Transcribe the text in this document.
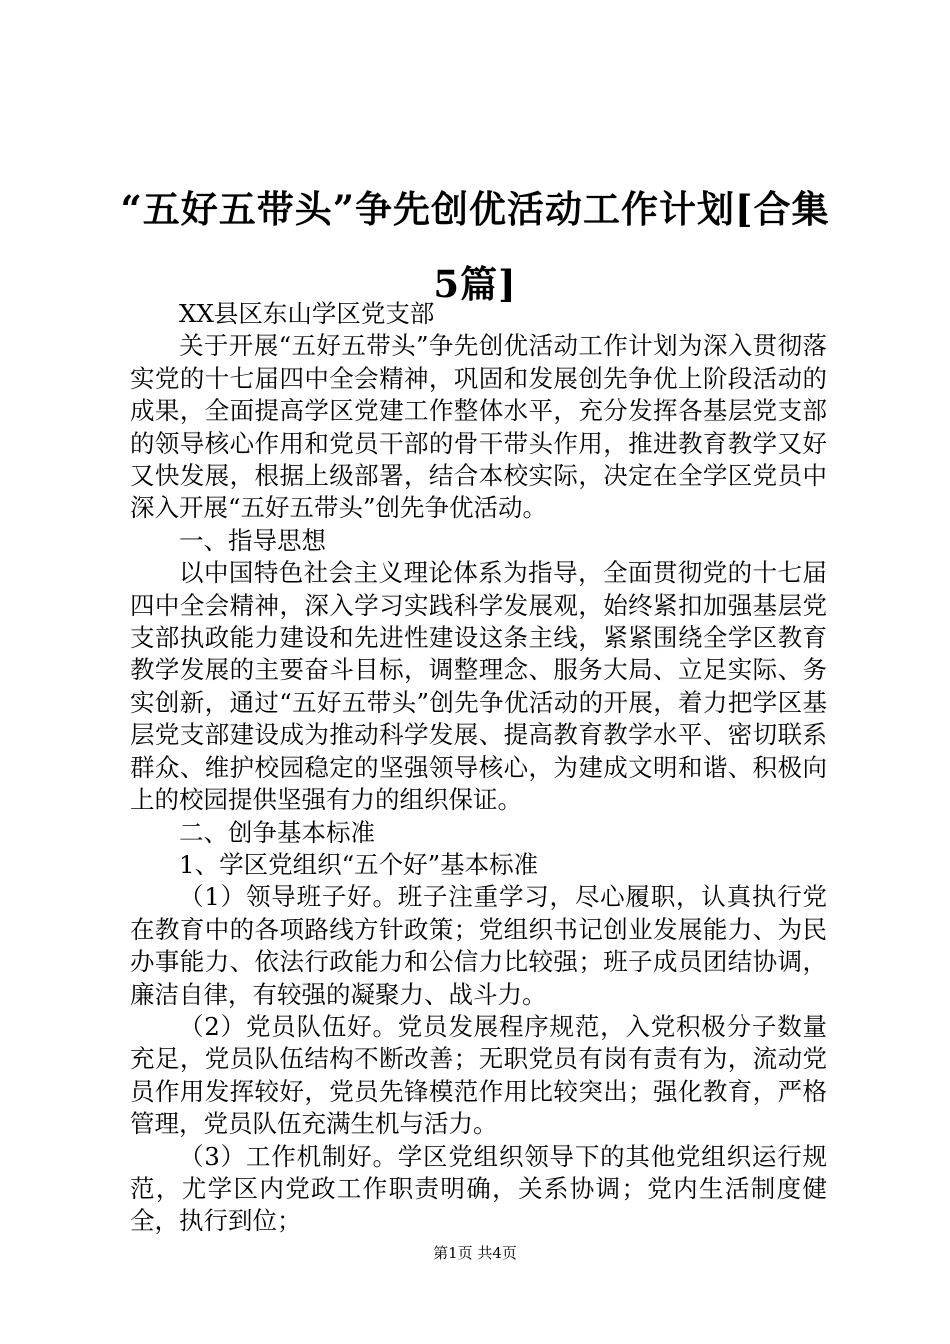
“五好五带头”争先创优活动工作计划[合集
5篇]

XX县区东山学区党支部

关于开展“五好五带头”争先创优活动工作计划为深入贯彻落实党的十七届四中全会精神，巩固和发展创先争优上阶段活动的成果，全面提高学区党建工作整体水平，充分发挥各基层党支部的领导核心作用和党员干部的骨干带头作用，推进教育教学又好又快发展，根据上级部署，结合本校实际，决定在全学区党员中深入开展“五好五带头”创先争优活动。

一、指导思想

以中国特色社会主义理论体系为指导，全面贯彻党的十七届四中全会精神，深入学习实践科学发展观，始终紧扣加强基层党支部执政能力建设和先进性建设这条主线，紧紧围绕全学区教育教学发展的主要奋斗目标，调整理念、服务大局、立足实际、务实创新，通过“五好五带头”创先争优活动的开展，着力把学区基层党支部建设成为推动科学发展、提高教育教学水平、密切联系群众、维护校园稳定的坚强领导核心，为建成文明和谐、积极向上的校园提供坚强有力的组织保证。

二、创争基本标准

1、学区党组织“五个好”基本标准

（1）领导班子好。班子注重学习，尽心履职，认真执行党在教育中的各项路线方针政策；党组织书记创业发展能力、为民办事能力、依法行政能力和公信力比较强；班子成员团结协调，廉洁自律，有较强的凝聚力、战斗力。

（2）党员队伍好。党员发展程序规范，入党积极分子数量充足，党员队伍结构不断改善；无职党员有岗有责有为，流动党员作用发挥较好，党员先锋模范作用比较突出；强化教育，严格管理，党员队伍充满生机与活力。

（3）工作机制好。学区党组织领导下的其他党组织运行规范，尤学区内党政工作职责明确，关系协调；党内生活制度健全，执行到位；

第1页 共4页
